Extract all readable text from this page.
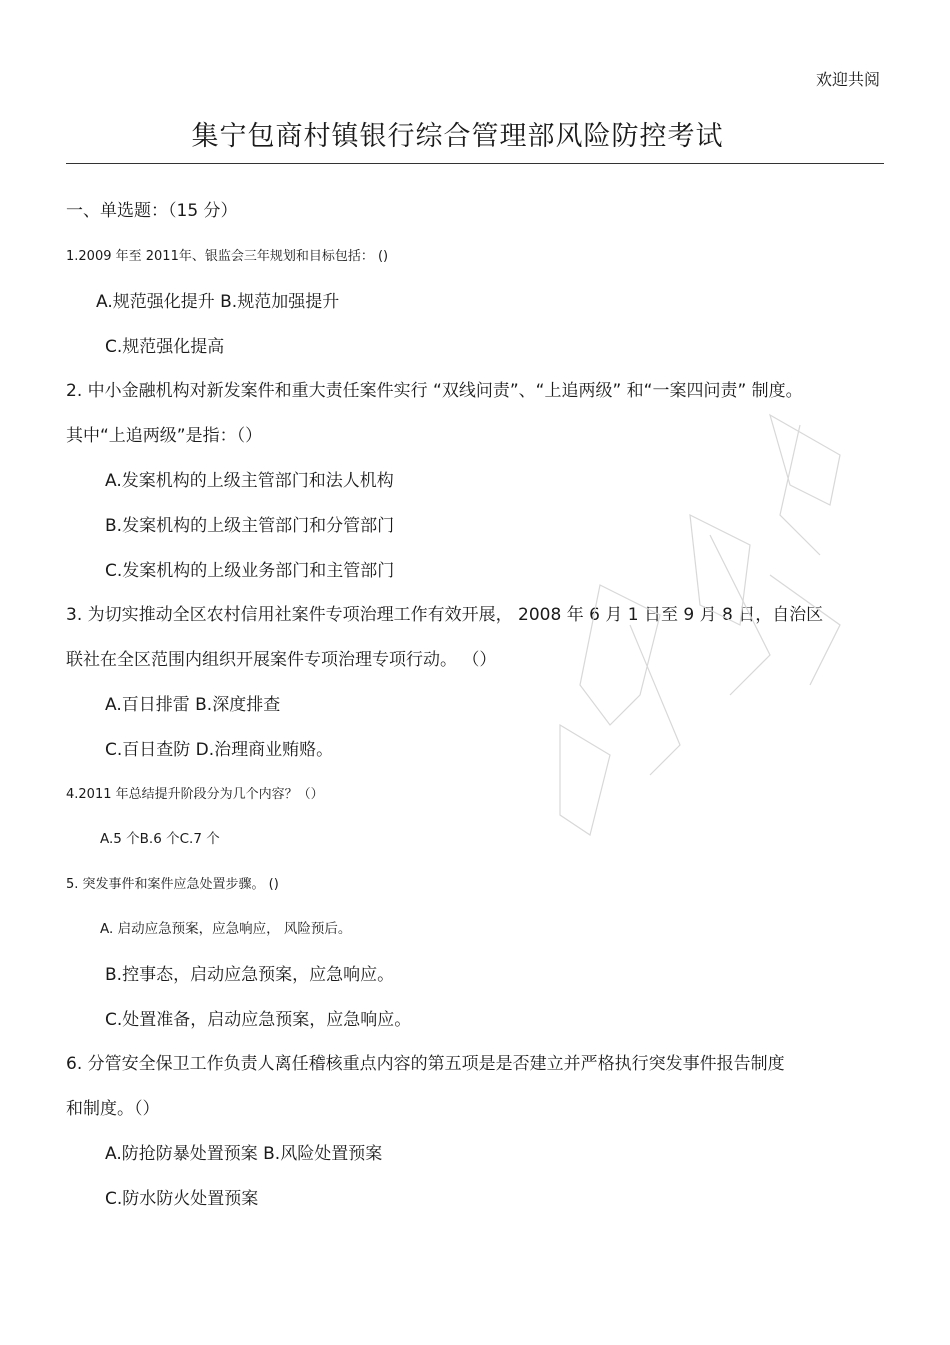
欢迎共阅
集宁包商村镇银行综合管理部风险防控考试
一、单选题：（15 分）
1.2009 年至 2011年、银监会三年规划和目标包括： ()
A.规范强化提升 B.规范加强提升
C.规范强化提高
2. 中小金融机构对新发案件和重大责任案件实行 “双线问责”、“上追两级” 和“一案四问责” 制度。
其中“上追两级”是指：（）
A.发案机构的上级主管部门和法人机构
B.发案机构的上级主管部门和分管部门
C.发案机构的上级业务部门和主管部门
3. 为切实推动全区农村信用社案件专项治理工作有效开展， 2008 年 6 月 1 日至 9 月 8 日，自治区
联社在全区范围内组织开展案件专项治理专项行动。 （）
A.百日排雷 B.深度排查
C.百日查防 D.治理商业贿赂。
4.2011 年总结提升阶段分为几个内容？（）
A.5 个B.6 个C.7 个
5. 突发事件和案件应急处置步骤。 ()
A. 启动应急预案，应急响应， 风险预后。
B.控事态，启动应急预案，应急响应。
C.处置准备，启动应急预案，应急响应。
6. 分管安全保卫工作负责人离任稽核重点内容的第五项是是否建立并严格执行突发事件报告制度
和制度。（）
A.防抢防暴处置预案 B.风险处置预案
C.防水防火处置预案
